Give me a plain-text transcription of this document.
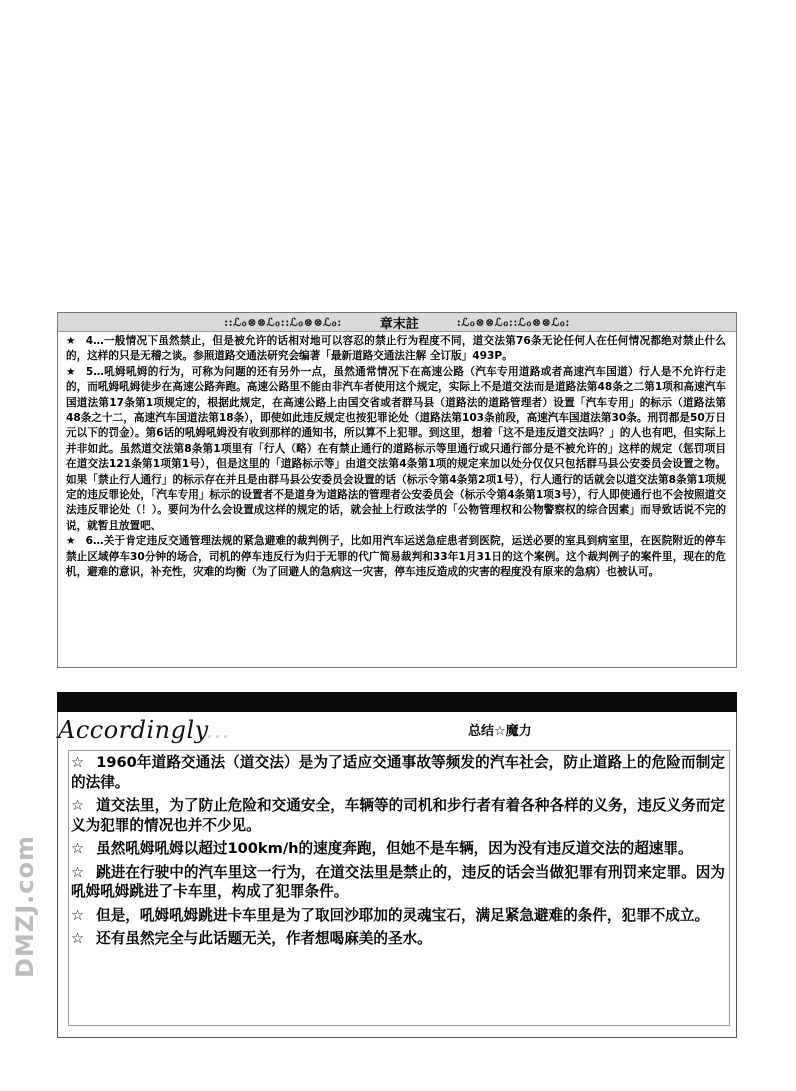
::ℒℴ⊗⊗ℒℴ::ℒℴ⊗⊗ℒℴ:	章末註	:ℒℴ⊗⊗ℒℴ::ℒℴ⊗⊗ℒℴ:

★ 4…一般情况下虽然禁止，但是被允许的话相对地可以容忍的禁止行为程度不同，道交法第76条无论任何人在任何情况都绝对禁止什么的，这样的只是无稽之谈。参照道路交通法研究会编著「最新道路交通法注解 全订版」493P。

★ 5…吼姆吼姆的行为，可称为问题的还有另外一点，虽然通常情况下在高速公路（汽车专用道路或者高速汽车国道）行人是不允许行走的，而吼姆吼姆徒步在高速公路奔跑。高速公路里不能由非汽车者使用这个规定，实际上不是道交法而是道路法第48条之二第1项和高速汽车国道法第17条第1项规定的，根据此规定，在高速公路上由国交省或者群马县（道路法的道路管理者）设置「汽车专用」的标示（道路法第48条之十二，高速汽车国道法第18条），即使如此违反规定也按犯罪论处（道路法第103条前段，高速汽车国道法第30条。刑罚都是50万日元以下的罚金）。第6话的吼姆吼姆没有收到那样的通知书，所以算不上犯罪。到这里，想着「这不是违反道交法吗？」的人也有吧，但实际上并非如此。虽然道交法第8条第1项里有「行人（略）在有禁止通行的道路标示等里通行或只通行部分是不被允许的」这样的规定（惩罚项目在道交法121条第1项第1号），但是这里的「道路标示等」由道交法第4条第1项的规定来加以处分仅仅只包括群马县公安委员会设置之物。如果「禁止行人通行」的标示存在并且是由群马县公安委员会设置的话（标示令第4条第2项1号），行人通行的话就会以道交法第8条第1项规定的违反罪论处，「汽车专用」标示的设置者不是道身为道路法的管理者公安委员会（标示令第4条第1项3号），行人即使通行也不会按照道交法违反罪论处（！）。要问为什么会设置成这样的规定的话，就会扯上行政法学的「公物管理权和公物警察权的综合因素」而导致话说不完的说，就暂且放置吧、

★ 6…关于肯定违反交通管理法规的紧急避难的裁判例子，比如用汽车运送急症患者到医院，运送必要的室具到病室里，在医院附近的停车禁止区域停车30分钟的场合，司机的停车违反行为归于无罪的代广简易裁判和33年1月31日的这个案例。这个裁判例子的案件里，现在的危机，避难的意识，补充性，灾难的均衡（为了回避人的急病这一灾害，停车违反造成的灾害的程度没有原来的急病）也被认可。

Accordingly...	总结☆魔力

☆ 1960年道路交通法（道交法）是为了适应交通事故等频发的汽车社会，防止道路上的危险而制定的法律。

☆ 道交法里，为了防止危险和交通安全，车辆等的司机和步行者有着各种各样的义务，违反义务而定义为犯罪的情况也并不少见。

☆ 虽然吼姆吼姆以超过100km/h的速度奔跑，但她不是车辆，因为没有违反道交法的超速罪。

☆ 跳进在行驶中的汽车里这一行为，在道交法里是禁止的，违反的话会当做犯罪有刑罚来定罪。因为吼姆吼姆跳进了卡车里，构成了犯罪条件。

☆ 但是，吼姆吼姆跳进卡车里是为了取回沙耶加的灵魂宝石，满足紧急避难的条件，犯罪不成立。

☆ 还有虽然完全与此话题无关，作者想喝麻美的圣水。

DMZJ.com
